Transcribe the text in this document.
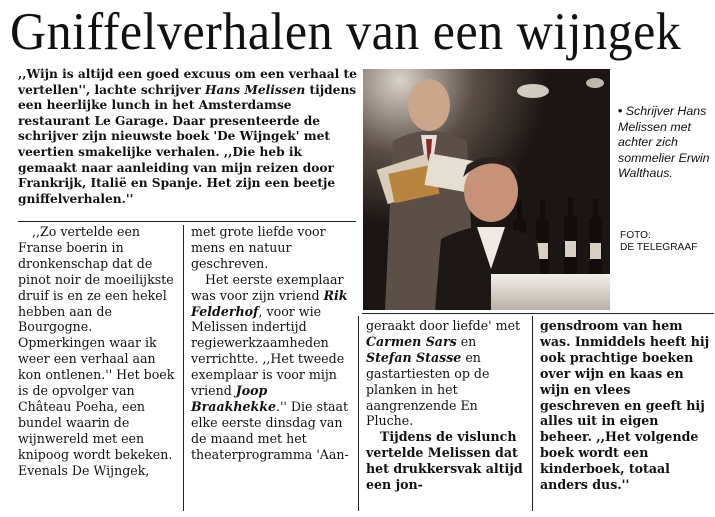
Gniffelverhalen van een wijngek

,,Wijn is altijd een goed excuus om een verhaal te vertellen'', lachte schrijver Hans Melissen tijdens een heerlijke lunch in het Amsterdamse restaurant Le Garage. Daar presenteerde de schrijver zijn nieuwste boek 'De Wijngek' met veertien smakelijke verhalen. ,,Die heb ik gemaakt naar aanleiding van mijn reizen door Frankrijk, Italië en Spanje. Het zijn een beetje gniffelverhalen.''

,,Zo vertelde een Franse boerin in dronkenschap dat de pinot noir de moeilijkste druif is en ze een hekel hebben aan de Bourgogne. Opmerkingen waar ik weer een verhaal aan kon ontlenen.'' Het boek is de opvolger van Château Poeha, een bundel waarin de wijnwereld met een knipoog wordt bekeken. Evenals De Wijngek,

met grote liefde voor mens en natuur geschreven.

Het eerste exemplaar was voor zijn vriend Rik Felderhof, voor wie Melissen indertijd regiewerkzaamheden verrichtte. ,,Het tweede exemplaar is voor mijn vriend Joop Braakhekke.'' Die staat elke eerste dinsdag van de maand met het theaterprogramma 'Aan-

geraakt door liefde' met Carmen Sars en Stefan Stasse en gastartiesten op de planken in het aangrenzende En Pluche.

Tijdens de vislunch vertelde Melissen dat het drukkersvak altijd een jon-

gensdroom van hem was. Inmiddels heeft hij ook prachtige boeken over wijn en kaas en wijn en vlees geschreven en geeft hij alles uit in eigen beheer. ,,Het volgende boek wordt een kinderboek, totaal anders dus.''

• Schrijver Hans Melissen met achter zich sommelier Erwin Walthaus.
FOTO:
DE TELEGRAAF
